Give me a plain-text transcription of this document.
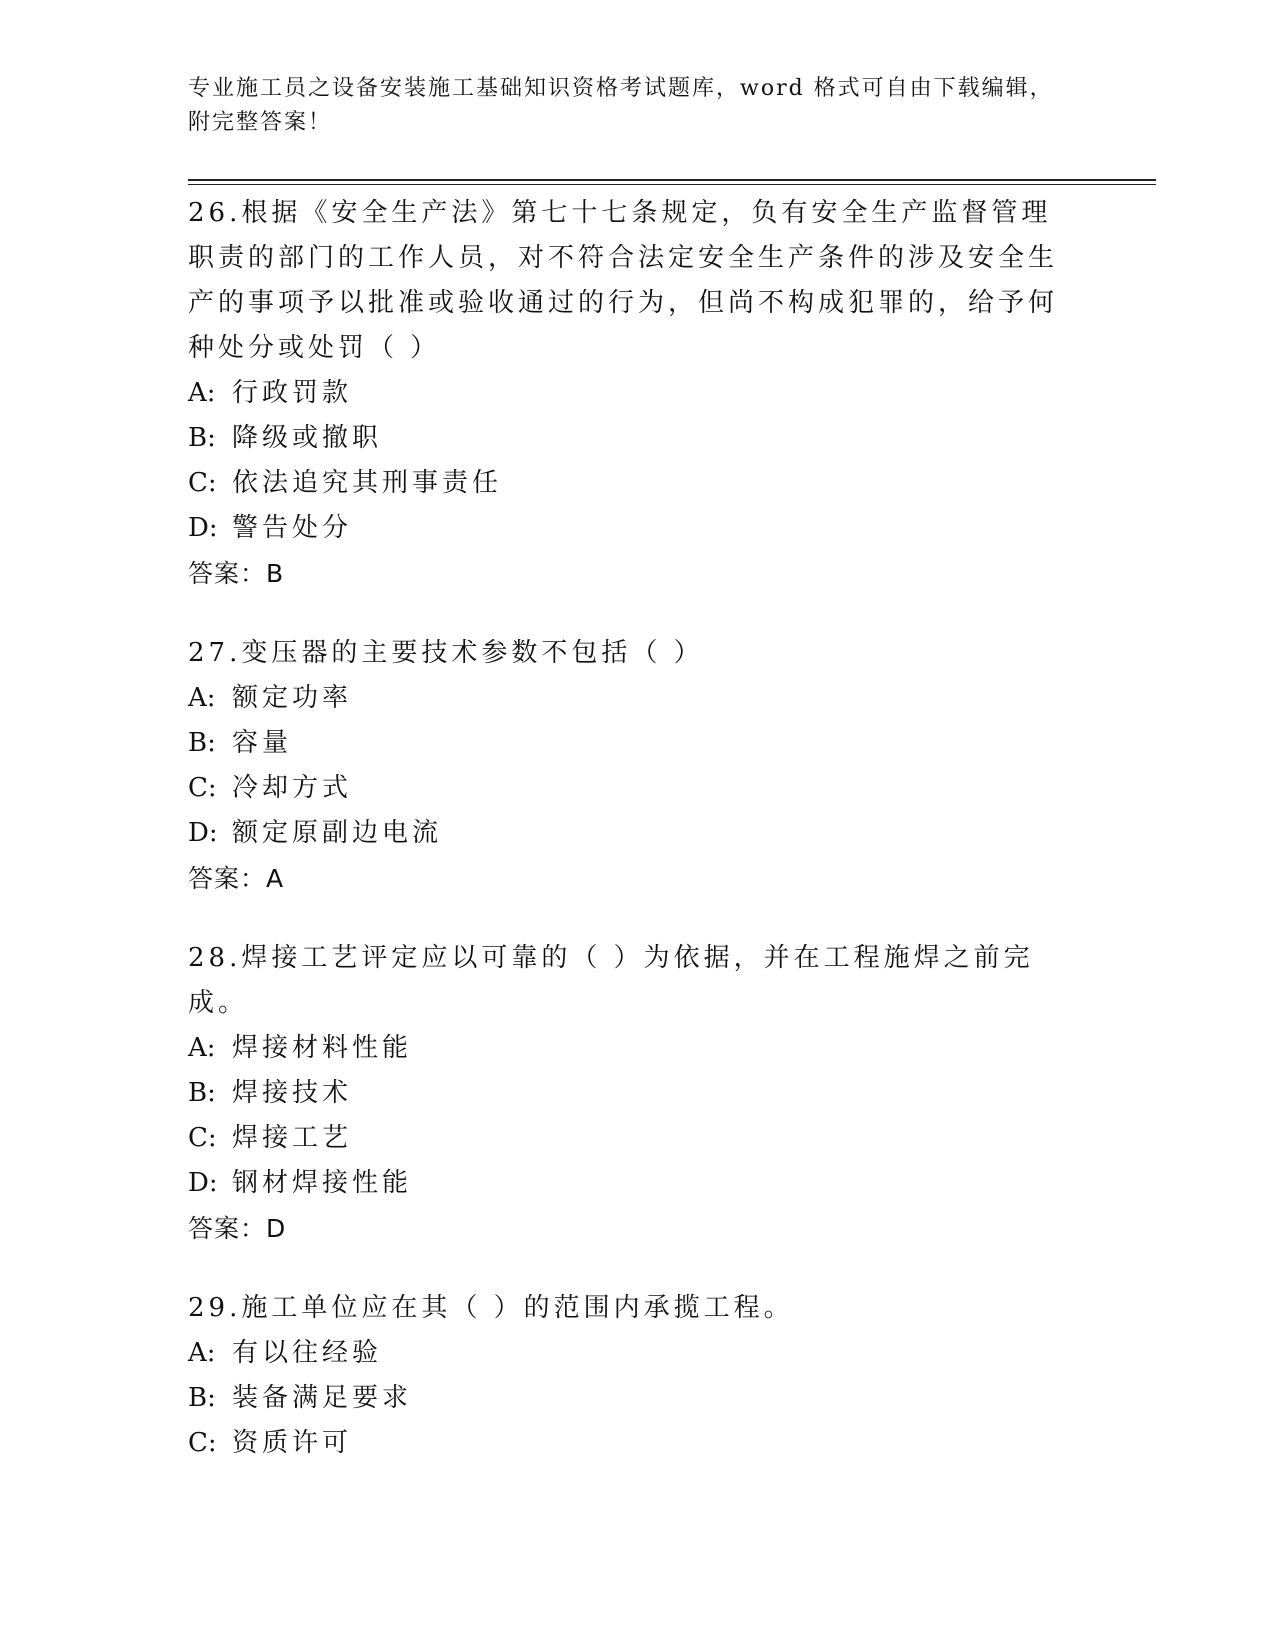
专业施工员之设备安装施工基础知识资格考试题库，word 格式可自由下载编辑，
附完整答案！

26.根据《安全生产法》第七十七条规定，负有安全生产监督管理职责的部门的工作人员，对不符合法定安全生产条件的涉及安全生产的事项予以批准或验收通过的行为，但尚不构成犯罪的，给予何种处分或处罚（ ）

A: 行政罚款

B: 降级或撤职

C: 依法追究其刑事责任

D: 警告处分

答案：B

27.变压器的主要技术参数不包括（ ）

A: 额定功率

B: 容量

C: 冷却方式

D: 额定原副边电流

答案：A

28.焊接工艺评定应以可靠的（ ）为依据，并在工程施焊之前完成。

A: 焊接材料性能

B: 焊接技术

C: 焊接工艺

D: 钢材焊接性能

答案：D

29.施工单位应在其（ ）的范围内承揽工程。

A: 有以往经验

B: 装备满足要求

C: 资质许可
